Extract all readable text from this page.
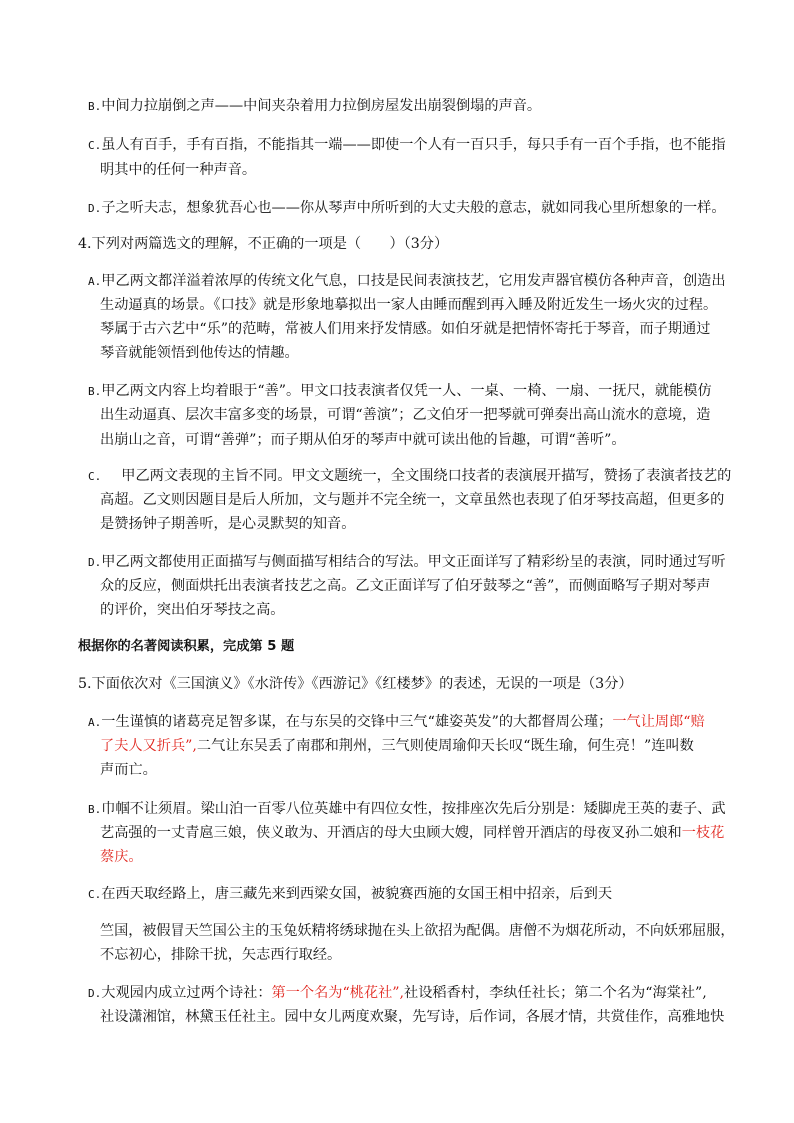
B.中间力拉崩倒之声——中间夹杂着用力拉倒房屋发出崩裂倒塌的声音。
C.虽人有百手，手有百指，不能指其一端——即使一个人有一百只手，每只手有一百个手指，也不能指
明其中的任何一种声音。
D.子之听夫志，想象犹吾心也——你从琴声中所听到的大丈夫般的意志，就如同我心里所想象的一样。
4.下列对两篇选文的理解，不正确的一项是（　　）（3分）
A.甲乙两文都洋溢着浓厚的传统文化气息，口技是民间表演技艺，它用发声器官模仿各种声音，创造出
生动逼真的场景。《口技》就是形象地摹拟出一家人由睡而醒到再入睡及附近发生一场火灾的过程。
琴属于古六艺中“乐”的范畴，常被人们用来抒发情感。如伯牙就是把情怀寄托于琴音，而子期通过
琴音就能领悟到他传达的情趣。
B.甲乙两文内容上均着眼于“善”。甲文口技表演者仅凭一人、一桌、一椅、一扇、一抚尺，就能模仿
出生动逼真、层次丰富多变的场景，可谓“善演”；乙文伯牙一把琴就可弹奏出高山流水的意境，造
出崩山之音，可谓“善弹”；而子期从伯牙的琴声中就可读出他的旨趣，可谓“善听”。
C. 甲乙两文表现的主旨不同。甲文文题统一，全文围绕口技者的表演展开描写，赞扬了表演者技艺的
高超。乙文则因题目是后人所加，文与题并不完全统一，文章虽然也表现了伯牙琴技高超，但更多的
是赞扬钟子期善听，是心灵默契的知音。
D.甲乙两文都使用正面描写与侧面描写相结合的写法。甲文正面详写了精彩纷呈的表演，同时通过写听
众的反应，侧面烘托出表演者技艺之高。乙文正面详写了伯牙鼓琴之“善”，而侧面略写子期对琴声
的评价，突出伯牙琴技之高。
根据你的名著阅读积累，完成第 5 题
5.下面依次对《三国演义》《水浒传》《西游记》《红楼梦》的表述，无误的一项是（3分）
A.一生谨慎的诸葛亮足智多谋，在与东吴的交锋中三气“雄姿英发”的大都督周公瑾；一气让周郎“赔
了夫人又折兵”,二气让东吴丢了南郡和荆州，三气则使周瑜仰天长叹“既生瑜，何生亮！”连叫数
声而亡。
B.巾帼不让须眉。梁山泊一百零八位英雄中有四位女性，按排座次先后分别是：矮脚虎王英的妻子、武
艺高强的一丈青扈三娘，侠义敢为、开酒店的母大虫顾大嫂，同样曾开酒店的母夜叉孙二娘和一枝花
蔡庆。
C.在西天取经路上，唐三藏先来到西梁女国，被貌赛西施的女国王相中招亲，后到天
竺国，被假冒天竺国公主的玉兔妖精将绣球抛在头上欲招为配偶。唐僧不为烟花所动，不向妖邪屈服，
不忘初心，排除干扰，矢志西行取经。
D.大观园内成立过两个诗社：第一个名为“桃花社”,社设稻香村，李纨任社长；第二个名为“海棠社”,
社设潇湘馆，林黛玉任社主。园中女儿两度欢聚，先写诗，后作词，各展才情，共赏佳作，高雅地快
